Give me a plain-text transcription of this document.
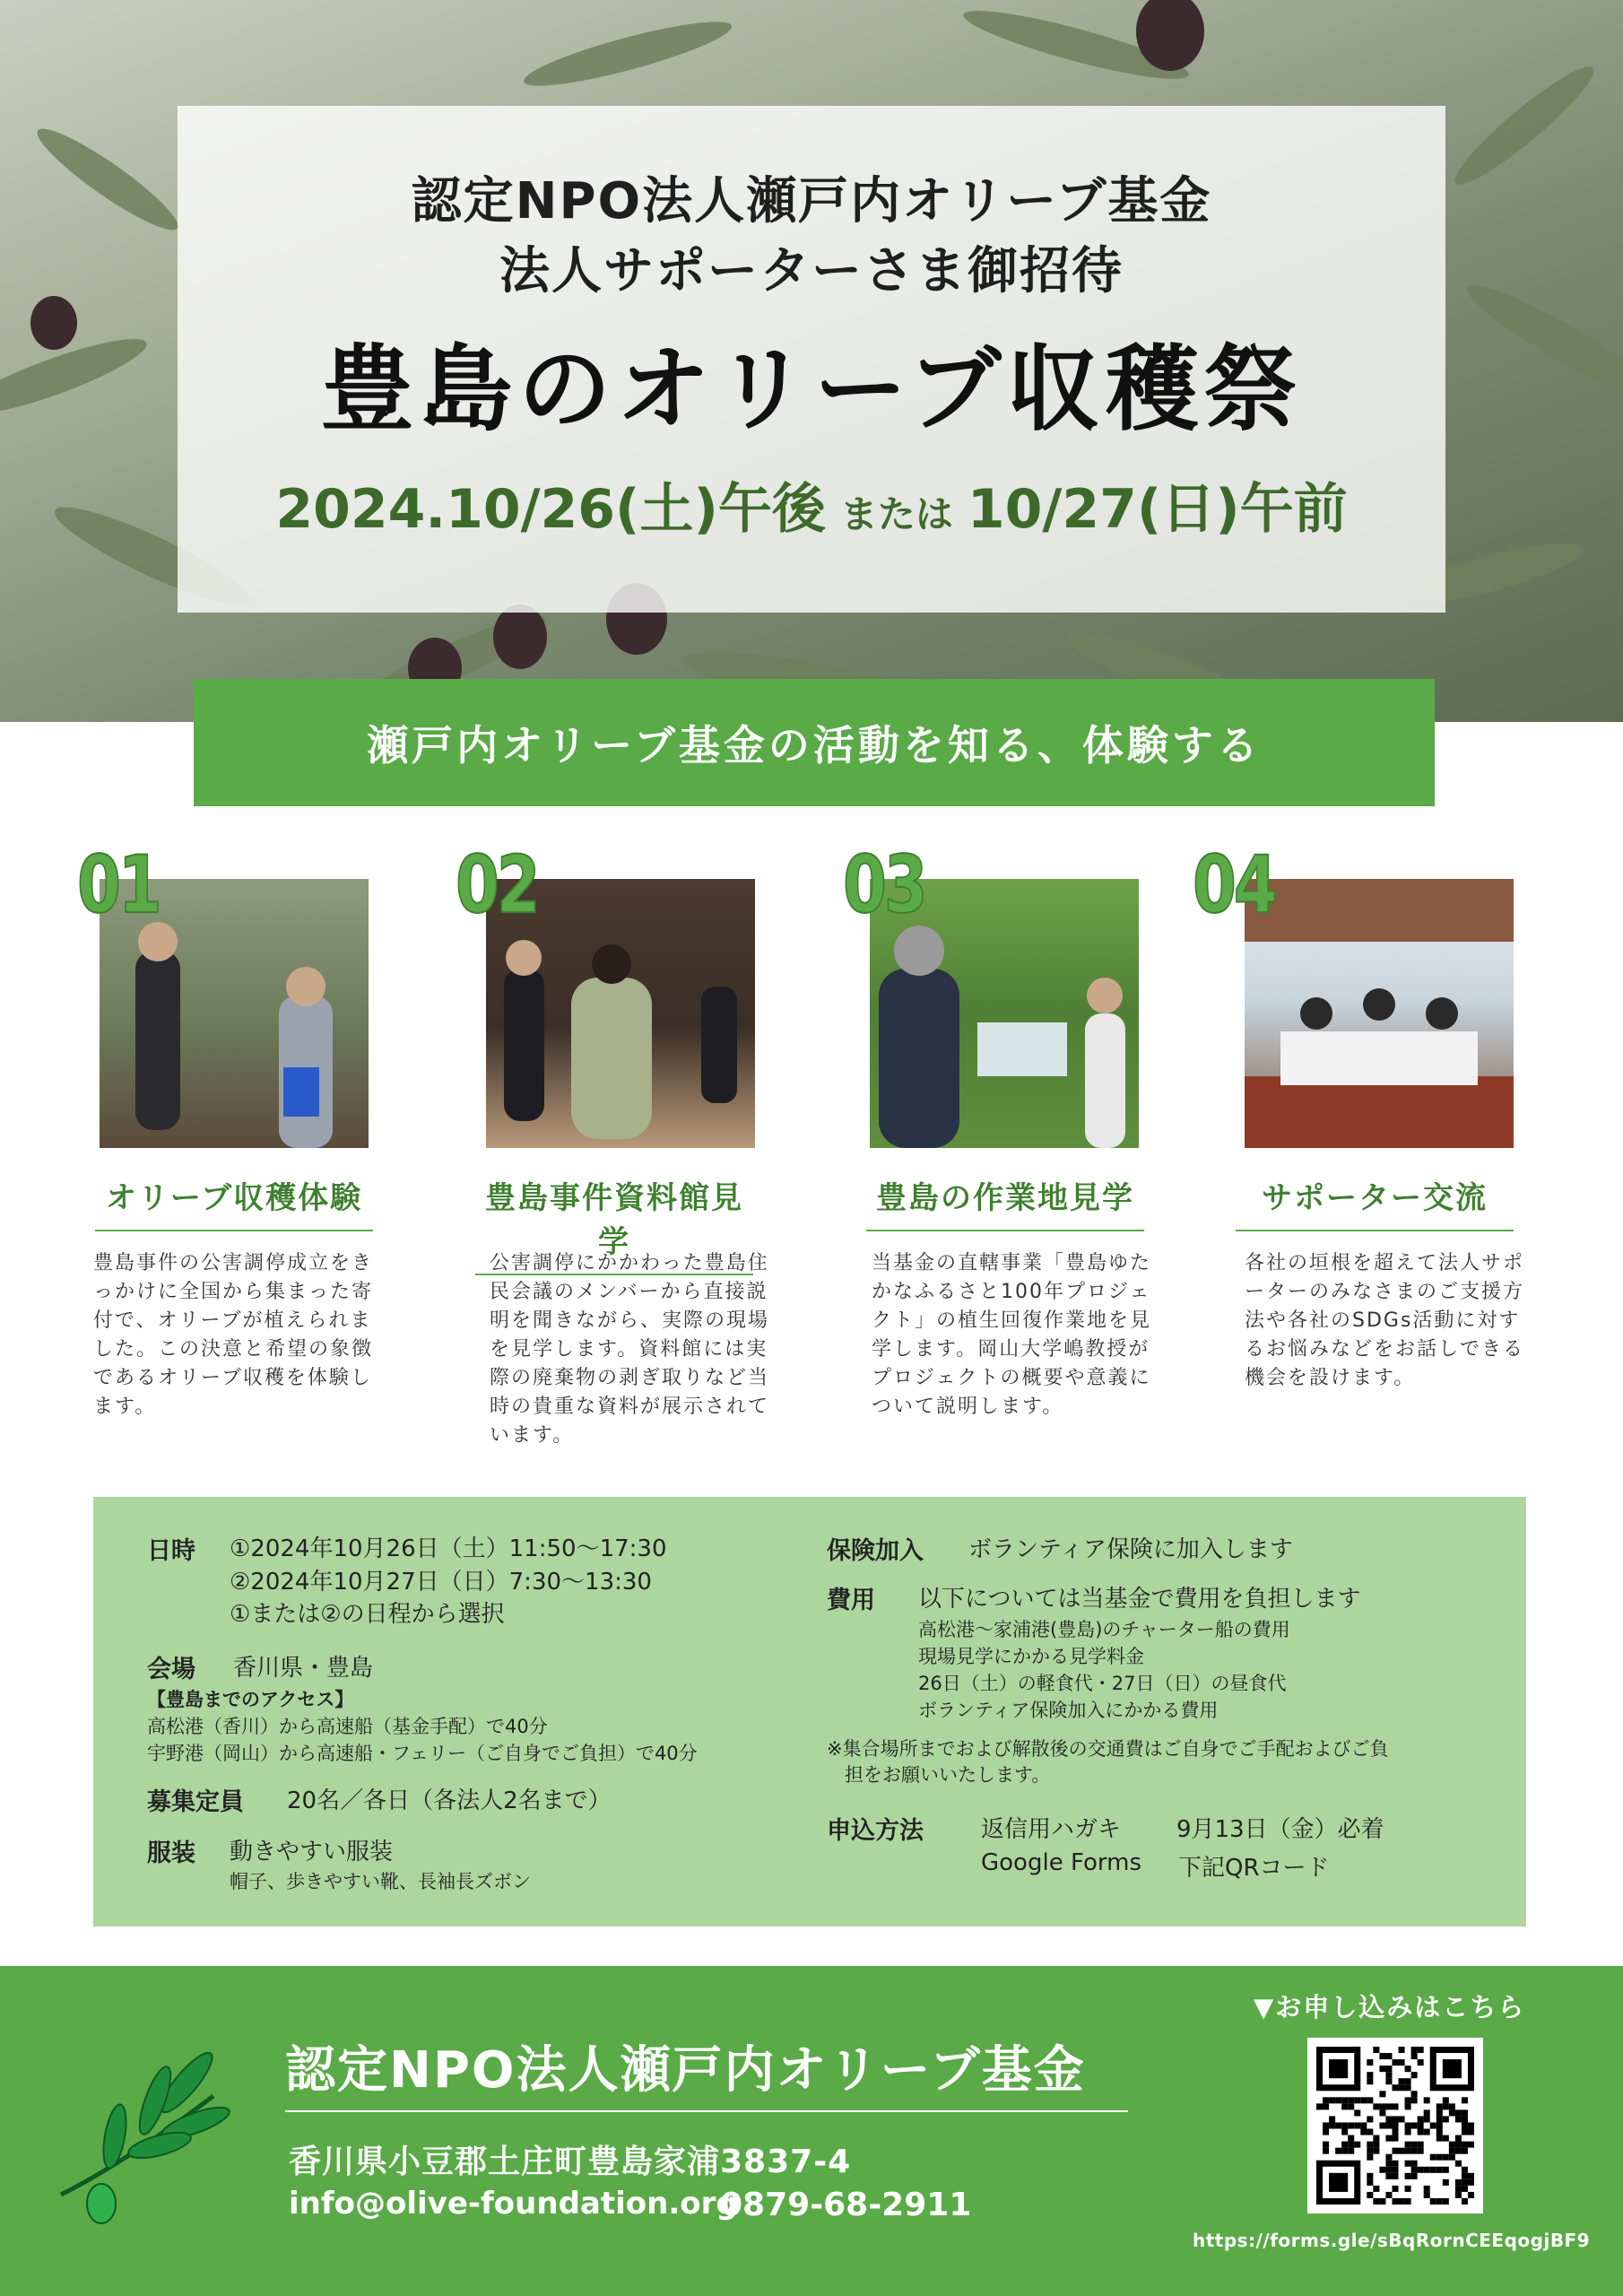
認定NPO法人瀬戸内オリーブ基金
法人サポーターさま御招待
豊島のオリーブ収穫祭
2024.10/26(土)午後 または 10/27(日)午前
瀬戸内オリーブ基金の活動を知る、体験する
01
オリーブ収穫体験
豊島事件の公害調停成立をきっかけに全国から集まった寄付で、オリーブが植えられました。この決意と希望の象徴であるオリーブ収穫を体験します。
02
豊島事件資料館見学
公害調停にかかわった豊島住民会議のメンバーから直接説明を聞きながら、実際の現場を見学します。資料館には実際の廃棄物の剥ぎ取りなど当時の貴重な資料が展示されています。
03
豊島の作業地見学
当基金の直轄事業「豊島ゆたかなふるさと100年プロジェクト」の植生回復作業地を見学します。岡山大学嶋教授がプロジェクトの概要や意義について説明します。
04
サポーター交流
各社の垣根を超えて法人サポーターのみなさまのご支援方法や各社のSDGs活動に対するお悩みなどをお話しできる機会を設けます。
日時 ①2024年10月26日（土）11:50～17:30
②2024年10月27日（日）7:30～13:30
①または②の日程から選択
会場 香川県・豊島
【豊島までのアクセス】
高松港（香川）から高速船（基金手配）で40分
宇野港（岡山）から高速船・フェリー（ご自身でご負担）で40分
募集定員 20名／各日（各法人2名まで）
服装 動きやすい服装
帽子、歩きやすい靴、長袖長ズボン
保険加入 ボランティア保険に加入します
費用 以下については当基金で費用を負担します
高松港～家浦港(豊島)のチャーター船の費用
現場見学にかかる見学料金
26日（土）の軽食代・27日（日）の昼食代
ボランティア保険加入にかかる費用
※集合場所までおよび解散後の交通費はご自身でご手配およびご負
担をお願いいたします。
申込方法 返信用ハガキ 9月13日（金）必着
Google Forms 下記QRコード
認定NPO法人瀬戸内オリーブ基金
香川県小豆郡土庄町豊島家浦3837-4
info@olive-foundation.org
0879-68-2911
▼お申し込みはこちら
https://forms.gle/sBqRornCEEqogjBF9
